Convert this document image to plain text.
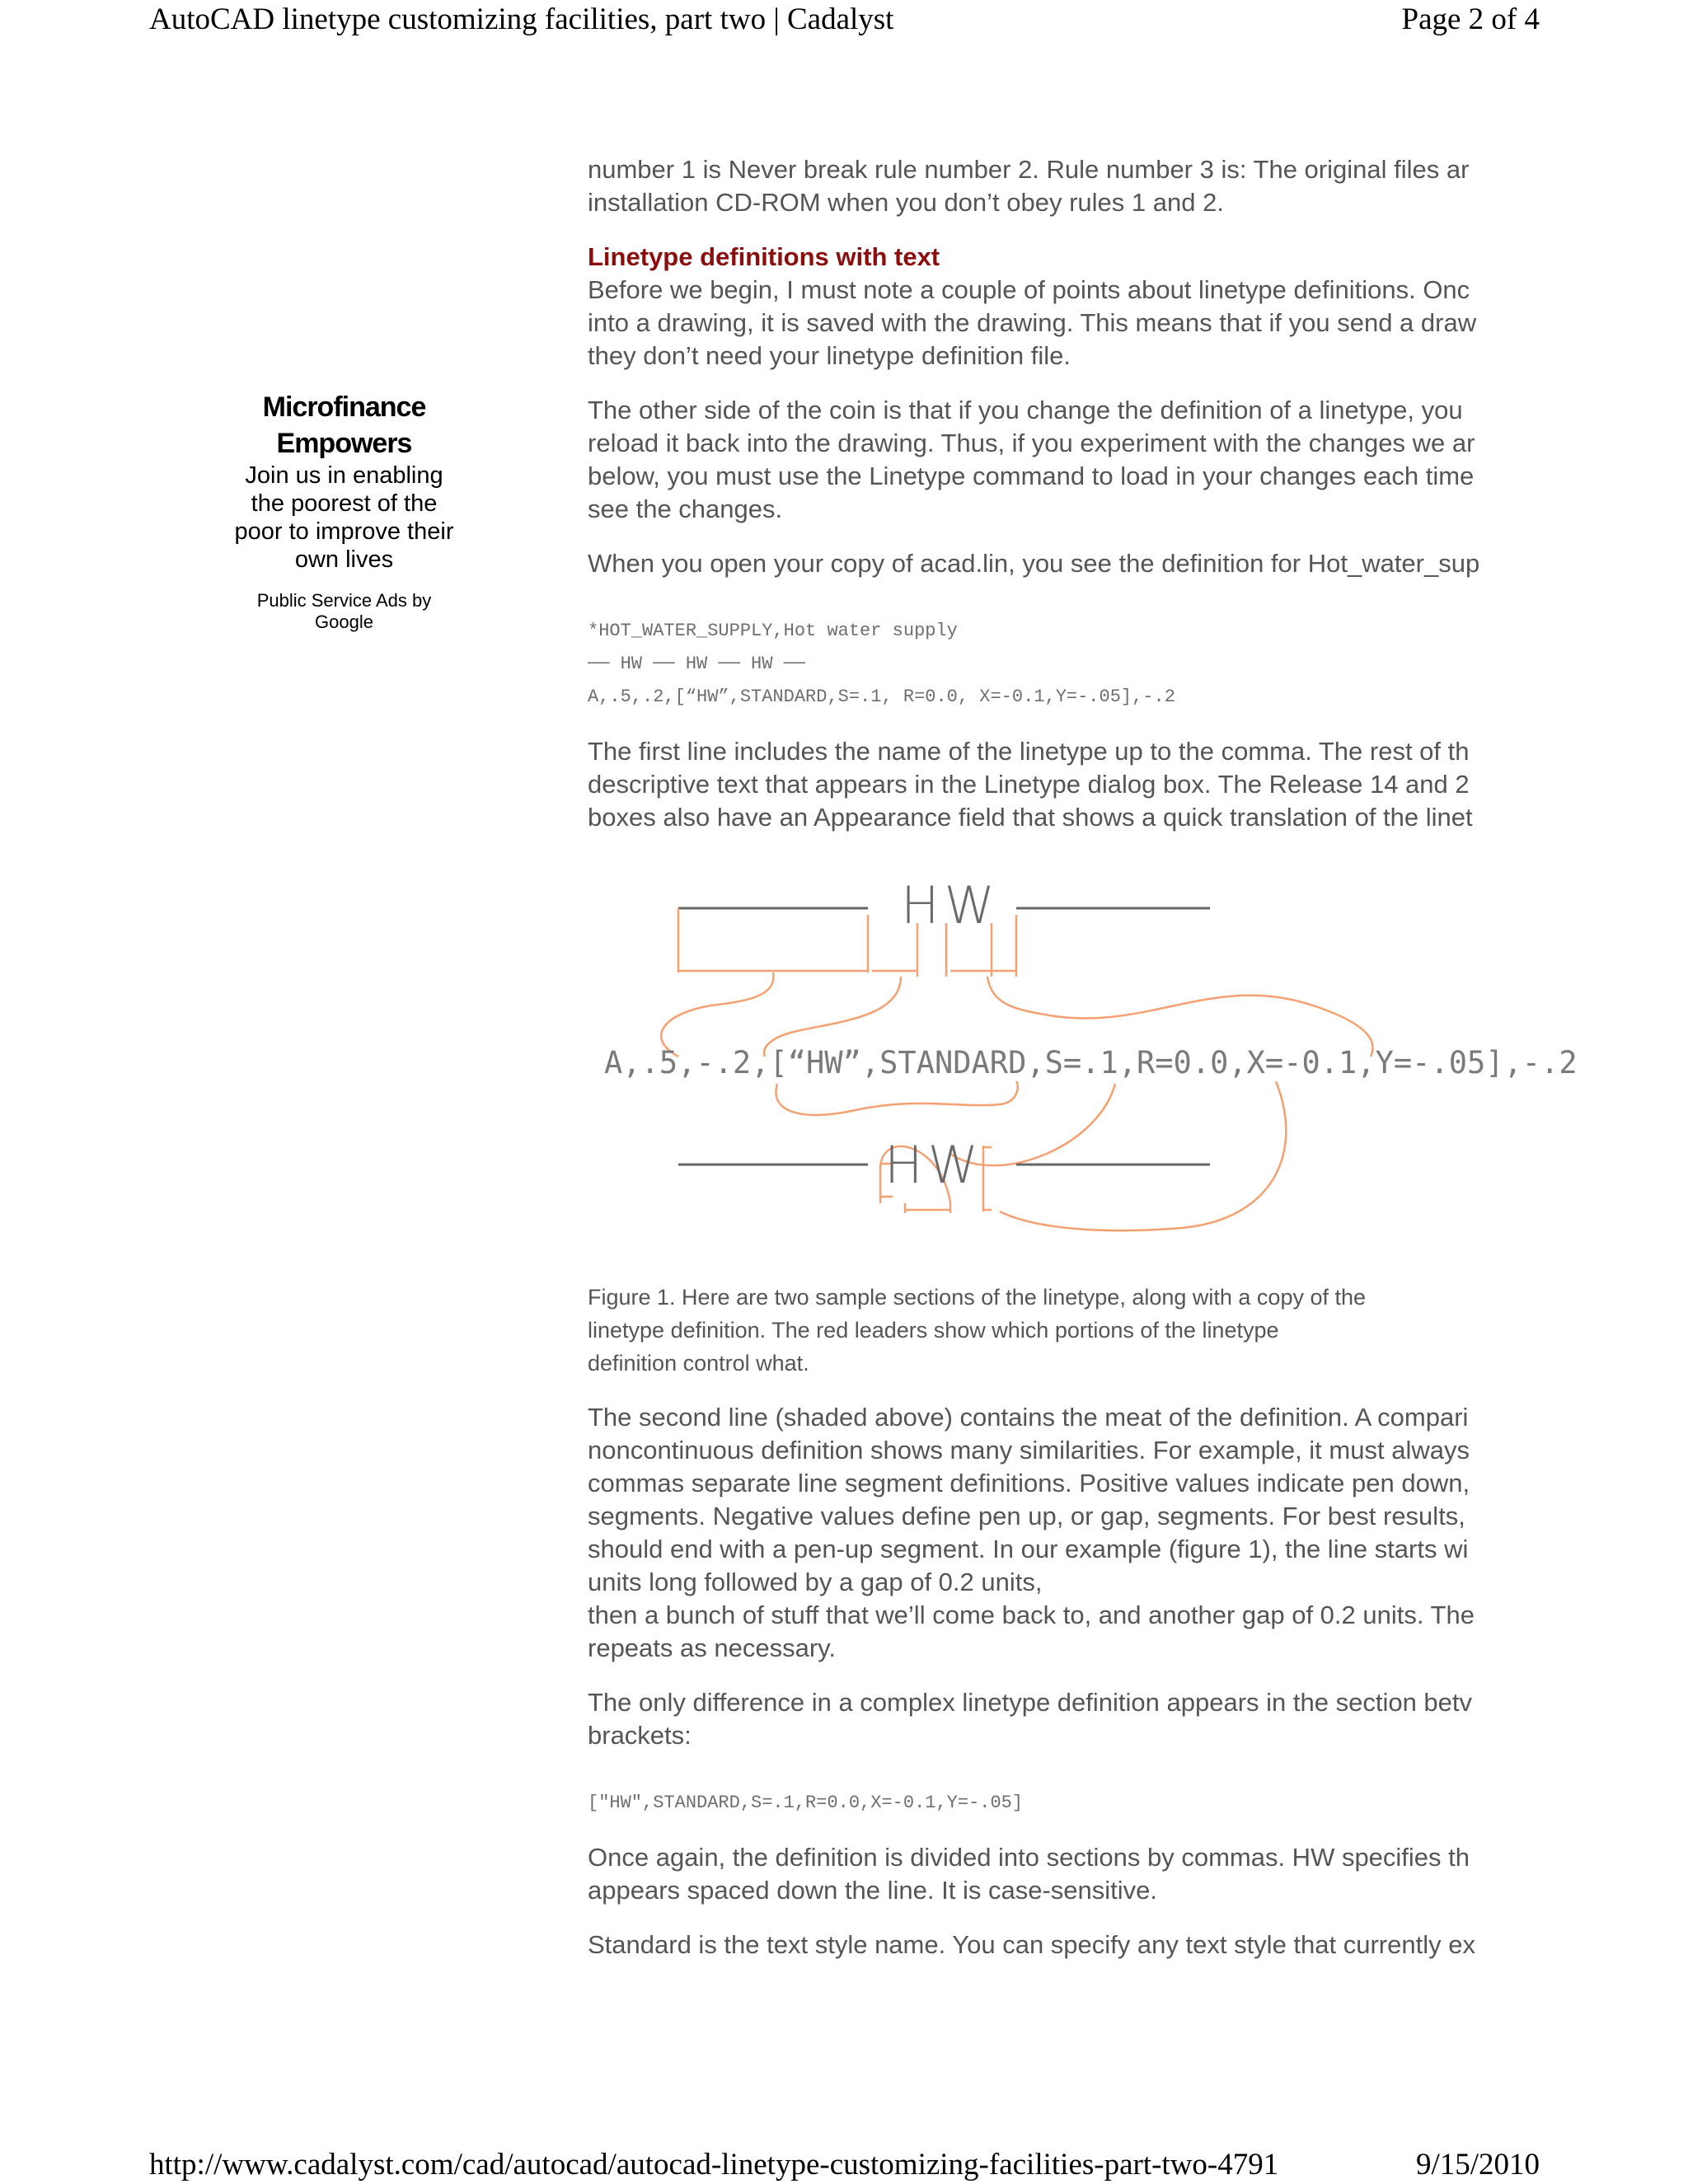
AutoCAD linetype customizing facilities, part two | Cadalyst	Page 2 of 4
Microfinance
Empowers
Join us in enabling
the poorest of the
poor to improve their
own lives
Public Service Ads by
Google

number 1 is Never break rule number 2. Rule number 3 is: The original files ar

installation CD-ROM when you don’t obey rules 1 and 2.

Linetype definitions with text

Before we begin, I must note a couple of points about linetype definitions. Onc

into a drawing, it is saved with the drawing. This means that if you send a draw

they don’t need your linetype definition file.

The other side of the coin is that if you change the definition of a linetype, you

reload it back into the drawing. Thus, if you experiment with the changes we ar

below, you must use the Linetype command to load in your changes each time

see the changes.

When you open your copy of acad.lin, you see the definition for Hot_water_sup

*HOT_WATER_SUPPLY,Hot water supply

── HW ── HW ── HW ──

A,.5,.2,[“HW”,STANDARD,S=.1, R=0.0, X=-0.1,Y=-.05],-.2

The first line includes the name of the linetype up to the comma. The rest of th

descriptive text that appears in the Linetype dialog box. The Release 14 and 2

boxes also have an Appearance field that shows a quick translation of the linet

Figure 1. Here are two sample sections of the linetype, along with a copy of the

linetype definition. The red leaders show which portions of the linetype

definition control what.

The second line (shaded above) contains the meat of the definition. A compari

noncontinuous definition shows many similarities. For example, it must always

commas separate line segment definitions. Positive values indicate pen down,

segments. Negative values define pen up, or gap, segments. For best results,

should end with a pen-up segment. In our example (figure 1), the line starts wi

units long followed by a gap of 0.2 units,

then a bunch of stuff that we’ll come back to, and another gap of 0.2 units. The

repeats as necessary.

The only difference in a complex linetype definition appears in the section betv

brackets:

["HW",STANDARD,S=.1,R=0.0,X=-0.1,Y=-.05]

Once again, the definition is divided into sections by commas. HW specifies th

appears spaced down the line. It is case-sensitive.

Standard is the text style name. You can specify any text style that currently ex

HW
A,.5,-.2,[“HW”,STANDARD,S=.1,R=0.0,X=-0.1,Y=-.05],-.2
HW
http://www.cadalyst.com/cad/autocad/autocad-linetype-customizing-facilities-part-two-4791	9/15/2010
